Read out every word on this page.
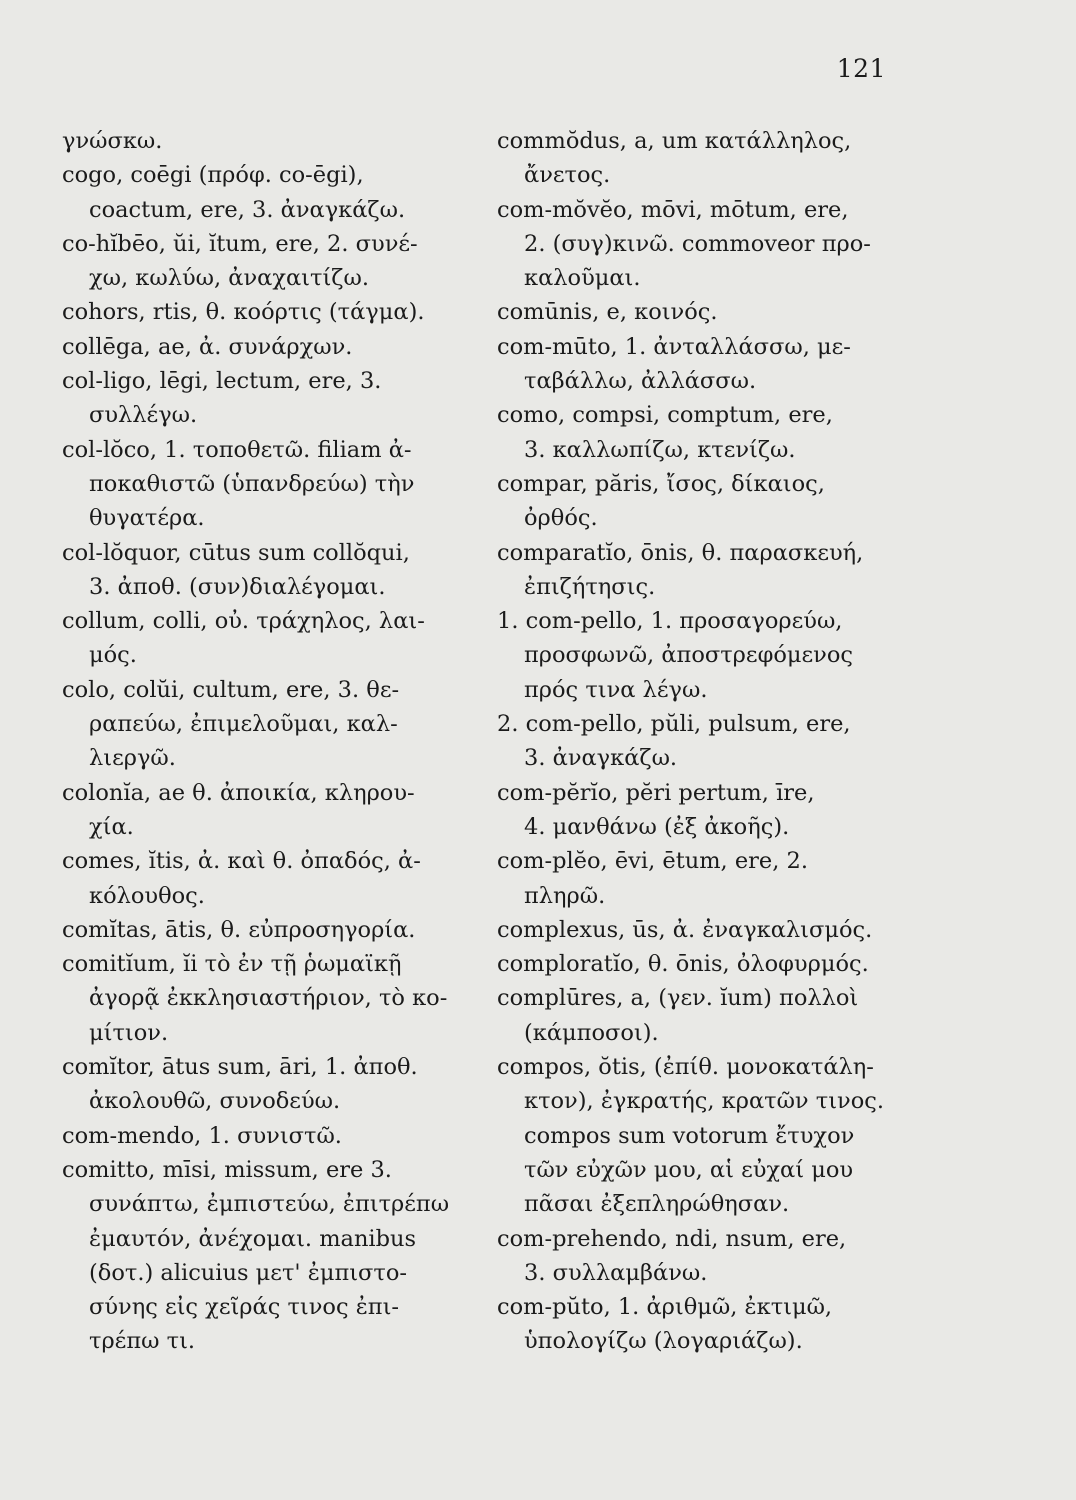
121
γνώσκω.
cogo, coēgi (πρόφ. co-ēgi),
coactum, ere, 3. ἀναγκάζω.
co-hĭbēo, ŭi, ĭtum, ere, 2. συνέ-
χω, κωλύω, ἀναχαιτίζω.
cohors, rtis, θ. κοόρτις (τάγμα).
collēga, ae, ἀ. συνάρχων.
col-ligo, lēgi, lectum, ere, 3.
συλλέγω.
col-lŏco, 1. τοποθετῶ. filiam ἀ-
ποκαθιστῶ (ὑπανδρεύω) τὴν
θυγατέρα.
col-lŏquor, cūtus sum collŏqui,
3. ἀποθ. (συν)διαλέγομαι.
collum, colli, οὐ. τράχηλος, λαι-
μός.
colo, colŭi, cultum, ere, 3. θε-
ραπεύω, ἐπιμελοῦμαι, καλ-
λιεργῶ.
colonĭa, ae θ. ἀποικία, κληρου-
χία.
comes, ĭtis, ἀ. καὶ θ. ὀπαδός, ἀ-
κόλουθος.
comĭtas, ātis, θ. εὐπροσηγορία.
comitĭum, ĭi τὸ ἐν τῇ ῥωμαϊκῇ
ἀγορᾷ ἐκκλησιαστήριον, τὸ κο-
μίτιον.
comĭtor, ātus sum, āri, 1. ἀποθ.
ἀκολουθῶ, συνοδεύω.
com-mendo, 1. συνιστῶ.
comitto, mīsi, missum, ere 3.
συνάπτω, ἐμπιστεύω, ἐπιτρέπω
ἐμαυτόν, ἀνέχομαι. manibus
(δοτ.) alicuius μετ' ἐμπιστο-
σύνης εἰς χεῖράς τινος ἐπι-
τρέπω τι.
commŏdus, a, um κατάλληλος,
ἄνετος.
com-mŏvĕo, mōvi, mōtum, ere,
2. (συγ)κινῶ. commoveor προ-
καλοῦμαι.
comūnis, e, κοινός.
com-mūto, 1. ἀνταλλάσσω, με-
ταβάλλω, ἀλλάσσω.
como, compsi, comptum, ere,
3. καλλωπίζω, κτενίζω.
compar, păris, ἴσος, δίκαιος,
ὀρθός.
comparatĭo, ōnis, θ. παρασκευή,
ἐπιζήτησις.
1. com-pello, 1. προσαγορεύω,
προσφωνῶ, ἀποστρεφόμενος
πρός τινα λέγω.
2. com-pello, pŭli, pulsum, ere,
3. ἀναγκάζω.
com-pĕrĭo, pĕri pertum, īre,
4. μανθάνω (ἐξ ἀκοῆς).
com-plĕo, ēvi, ētum, ere, 2.
πληρῶ.
complexus, ūs, ἀ. ἐναγκαλισμός.
comploratĭo, θ. ōnis, ὀλοφυρμός.
complūres, a, (γεν. ĭum) πολλοὶ
(κάμποσοι).
compos, ŏtis, (ἐπίθ. μονοκατάλη-
κτον), ἐγκρατής, κρατῶν τινος.
compos sum votorum ἔτυχον
τῶν εὐχῶν μου, αἱ εὐχαί μου
πᾶσαι ἐξεπληρώθησαν.
com-prehendo, ndi, nsum, ere,
3. συλλαμβάνω.
com-pŭto, 1. ἀριθμῶ, ἐκτιμῶ,
ὑπολογίζω (λογαριάζω).
